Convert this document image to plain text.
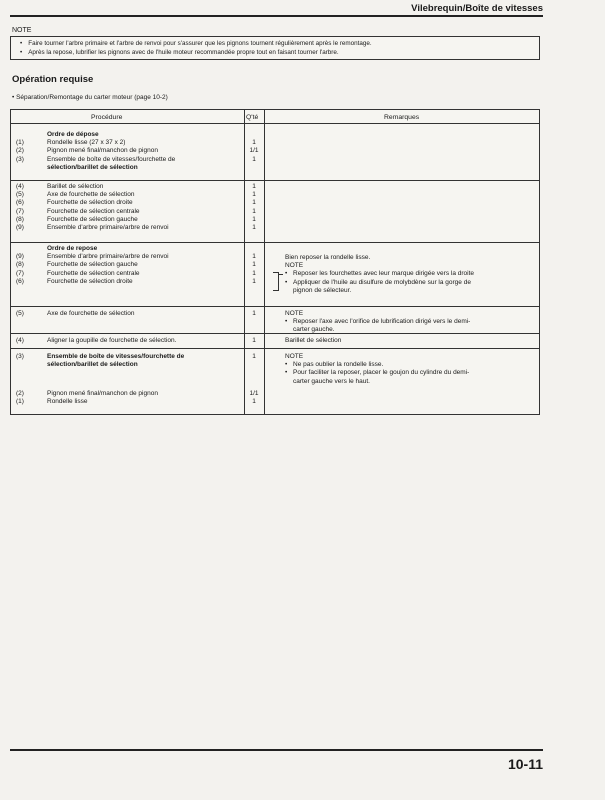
Vilebrequin/Boîte de vitesses
NOTE
• Faire tourner l'arbre primaire et l'arbre de renvoi pour s'assurer que les pignons tournent régulièrement après le remontage.
• Après la repose, lubrifier les pignons avec de l'huile moteur recommandée propre tout en faisant tourner l'arbre.
Opération requise
• Séparation/Remontage du carter moteur (page 10-2)
Procédure	Q'té	Remarques
Ordre de dépose
(1)	Rondelle lisse (27 x 37 x 2)	1
(2)	Pignon mené final/manchon de pignon	1/1
(3)	Ensemble de boîte de vitesses/fourchette de	1
sélection/barillet de sélection
(4)	Barillet de sélection	1
(5)	Axe de fourchette de sélection	1
(6)	Fourchette de sélection droite	1
(7)	Fourchette de sélection centrale	1
(8)	Fourchette de sélection gauche	1
(9)	Ensemble d'arbre primaire/arbre de renvoi	1
Ordre de repose
(9)	Ensemble d'arbre primaire/arbre de renvoi	1
(8)	Fourchette de sélection gauche	1
(7)	Fourchette de sélection centrale	1
(6)	Fourchette de sélection droite	1
Bien reposer la rondelle lisse.
NOTE
• Reposer les fourchettes avec leur marque dirigée vers la droite
• Appliquer de l'huile au disulfure de molybdène sur la gorge de
pignon de sélecteur.
(5)	Axe de fourchette de sélection	1	NOTE
• Reposer l'axe avec l'orifice de lubrification dirigé vers le demi-
carter gauche.
(4)	Aligner la goupille de fourchette de sélection.	1	Barillet de sélection
(3)	Ensemble de boîte de vitesses/fourchette de	1
sélection/barillet de sélection
NOTE
• Ne pas oublier la rondelle lisse.
• Pour faciliter la reposer, placer le goujon du cylindre du demi-
carter gauche vers le haut.
(2)	Pignon mené final/manchon de pignon	1/1
(1)	Rondelle lisse	1
10-11
